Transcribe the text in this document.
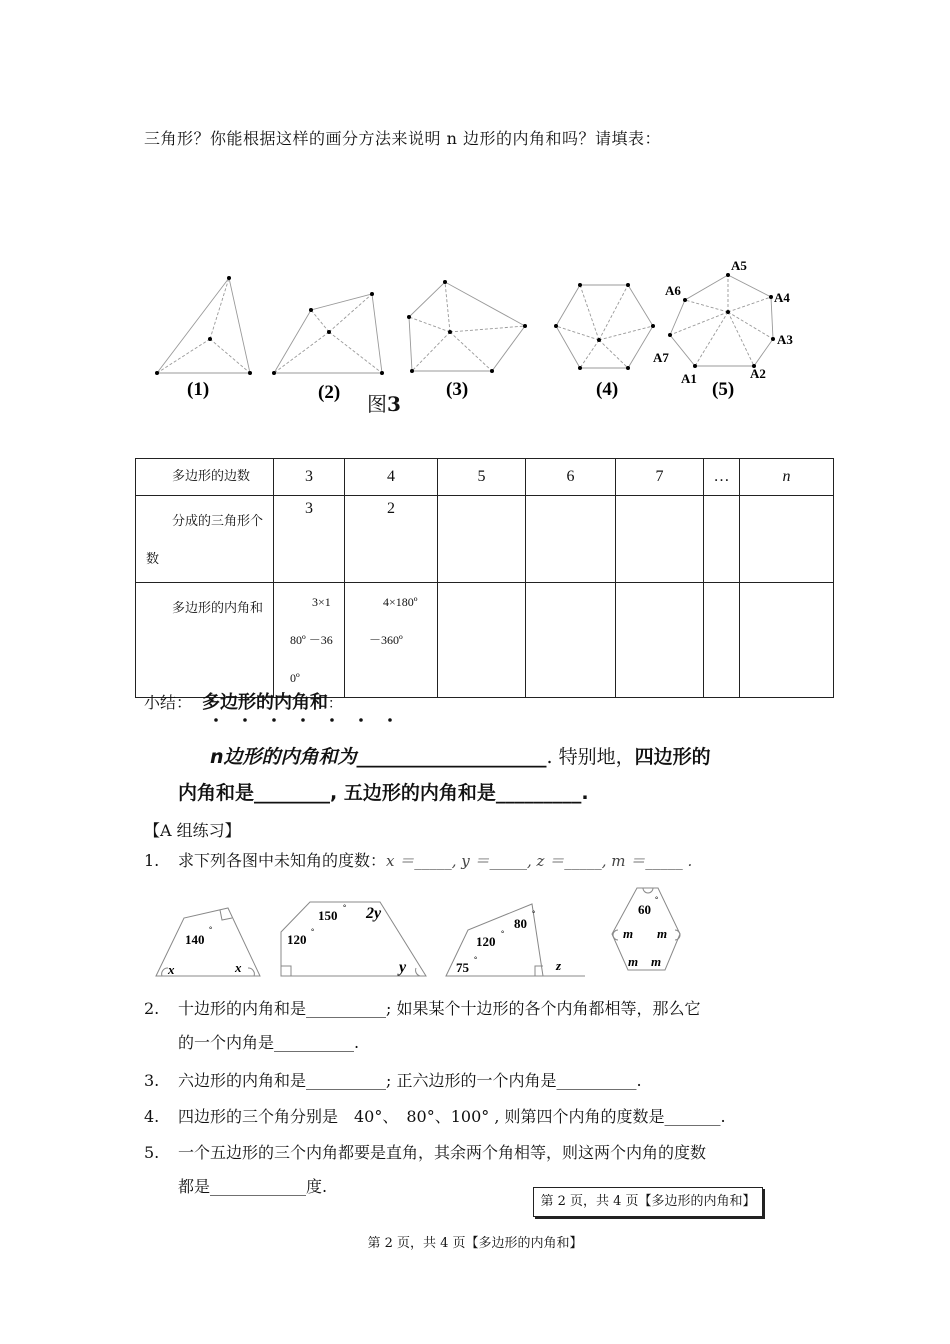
三角形？你能根据这样的画分方法来说明 n 边形的内角和吗？请填表：
(1)	(2)	(3)	(4)	(5)
A1	A2
A3
A4
A5
A6
A7
图3
多边形的边数	3	4	5	6	7	…	n
分成的三角形个数	3	2					
多边形的内角和	3×180º －360º	4×180º －360º					
小结： 多边形的内角和：
・・・・・・・
n边形的内角和为____________________. 特别地，四边形的
内角和是________, 五边形的内角和是_________.
【A 组练习】
1. 求下列各图中未知角的度数：x ＝_____, y ＝_____, z ＝_____, m ＝_____ .
140
°
x	x
150
°
120
°
2y
y
80
°
120
°
75
°	z
60
°
m m
m m
2. 十边形的内角和是__________; 如果某个十边形的各个内角都相等，那么它
的一个内角是__________.
3. 六边形的内角和是__________; 正六边形的一个内角是__________.
4. 四边形的三个角分别是　40°、　80°、100° , 则第四个内角的度数是_______.
5. 一个五边形的三个内角都要是直角，其余两个角相等，则这两个内角的度数
都是____________度.
第 2 页，共 4 页【多边形的内角和】
第 2 页，共 4 页【多边形的内角和】
